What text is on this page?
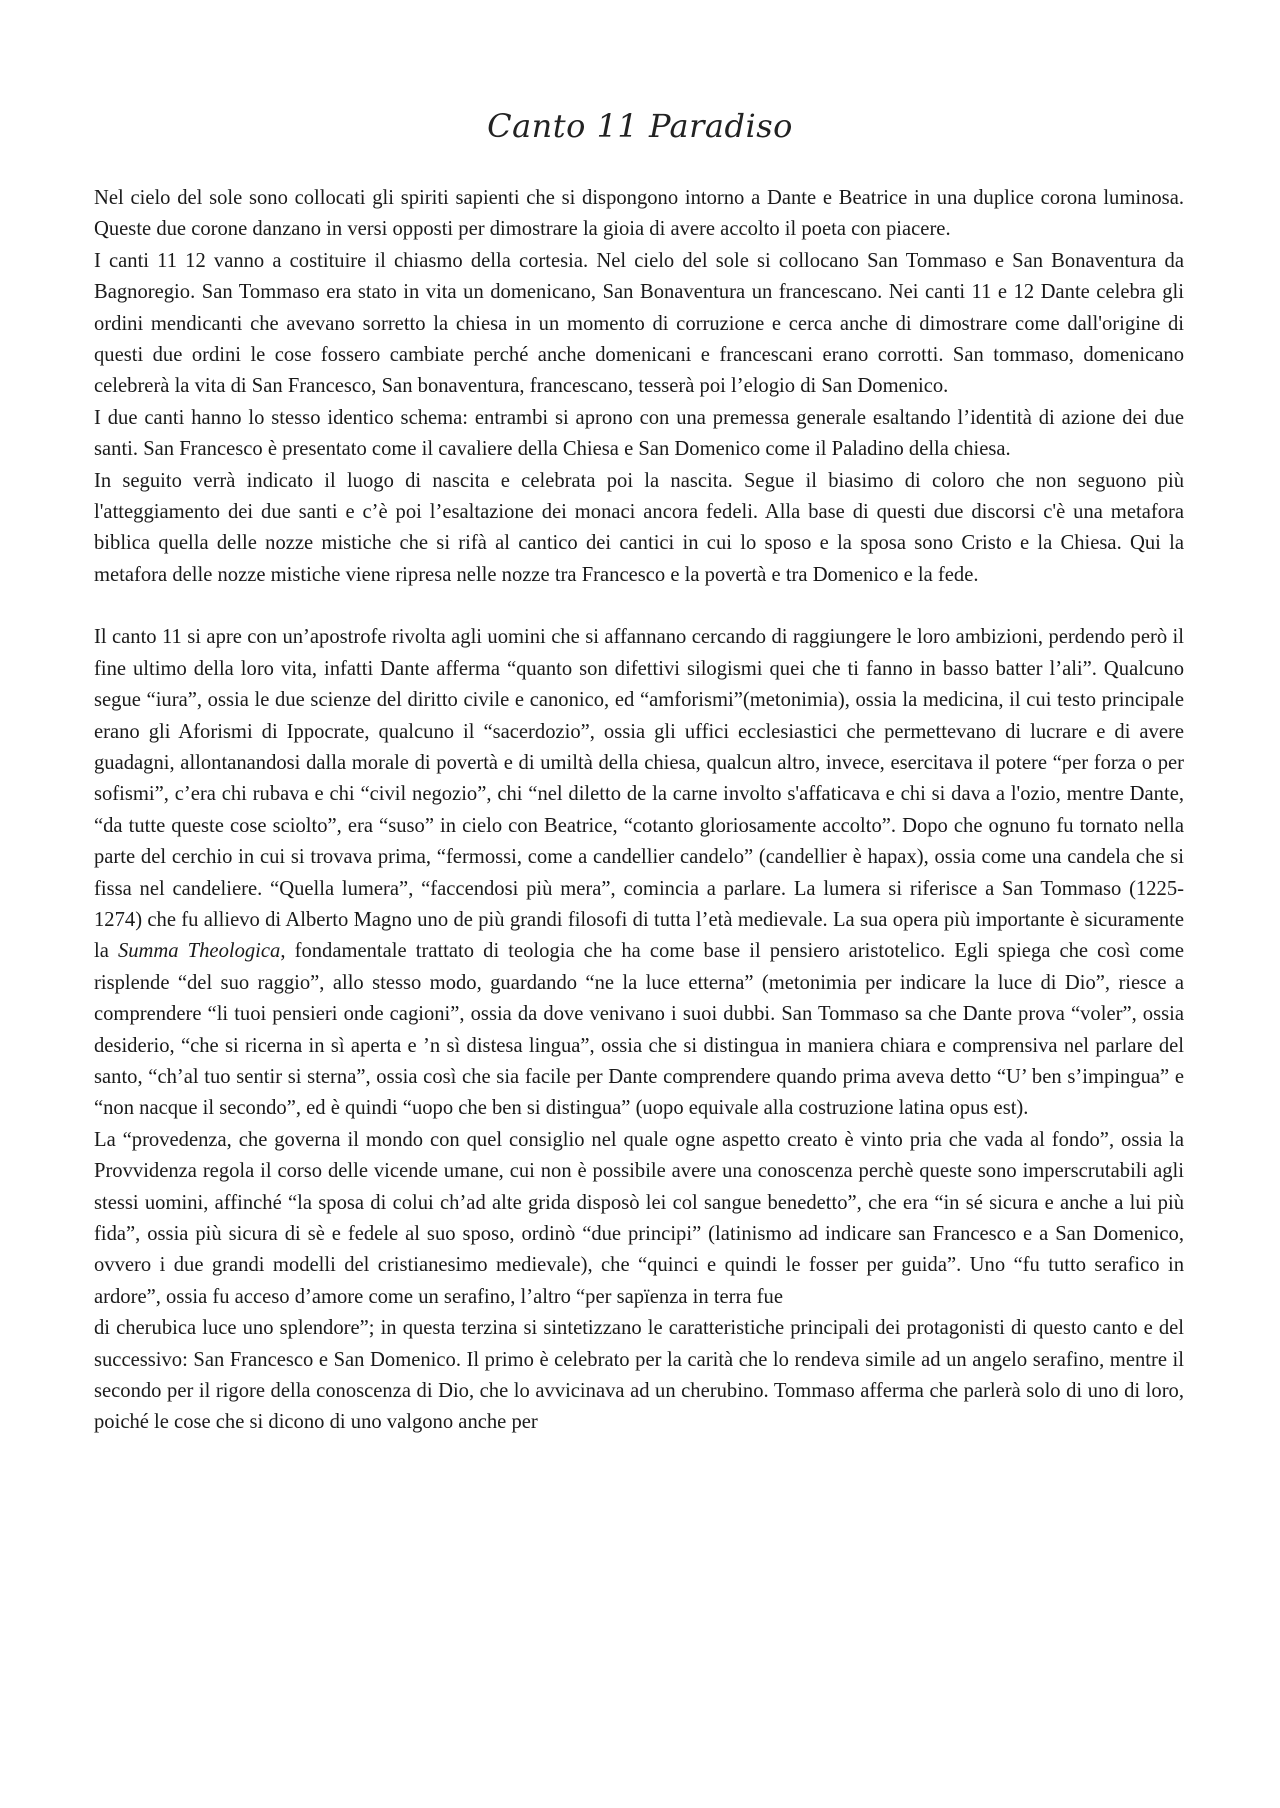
Canto 11 Paradiso

Nel cielo del sole sono collocati gli spiriti sapienti che si dispongono intorno a Dante e Beatrice in una duplice corona luminosa. Queste due corone danzano in versi opposti per dimostrare la gioia di avere accolto il poeta con piacere.

I canti 11 12 vanno a costituire il chiasmo della cortesia. Nel cielo del sole si collocano San Tommaso e San Bonaventura da Bagnoregio. San Tommaso era stato in vita un domenicano, San Bonaventura un francescano. Nei canti 11 e 12 Dante celebra gli ordini mendicanti che avevano sorretto la chiesa in un momento di corruzione e cerca anche di dimostrare come dall'origine di questi due ordini le cose fossero cambiate perché anche domenicani e francescani erano corrotti. San tommaso, domenicano celebrerà la vita di San Francesco, San bonaventura, francescano, tesserà poi l’elogio di San Domenico.

I due canti hanno lo stesso identico schema: entrambi si aprono con una premessa generale esaltando l’identità di azione dei due santi. San Francesco è presentato come il cavaliere della Chiesa e San Domenico come il Paladino della chiesa.

In seguito verrà indicato il luogo di nascita e celebrata poi la nascita. Segue il biasimo di coloro che non seguono più l'atteggiamento dei due santi e c’è poi l’esaltazione dei monaci ancora fedeli. Alla base di questi due discorsi c'è una metafora biblica quella delle nozze mistiche che si rifà al cantico dei cantici in cui lo sposo e la sposa sono Cristo e la Chiesa. Qui la metafora delle nozze mistiche viene ripresa nelle nozze tra Francesco e la povertà e tra Domenico e la fede.

Il canto 11 si apre con un’apostrofe rivolta agli uomini che si affannano cercando di raggiungere le loro ambizioni, perdendo però il fine ultimo della loro vita, infatti Dante afferma “quanto son difettivi silogismi quei che ti fanno in basso batter l’ali”. Qualcuno segue “iura”, ossia le due scienze del diritto civile e canonico, ed “amforismi”(metonimia), ossia la medicina, il cui testo principale erano gli Aforismi di Ippocrate, qualcuno il “sacerdozio”, ossia gli uffici ecclesiastici che permettevano di lucrare e di avere guadagni, allontanandosi dalla morale di povertà e di umiltà della chiesa, qualcun altro, invece, esercitava il potere “per forza o per sofismi”, c’era chi rubava e chi “civil negozio”, chi “nel diletto de la carne involto s'affaticava e chi si dava a l'ozio, mentre Dante, “da tutte queste cose sciolto”, era “suso” in cielo con Beatrice, “cotanto gloriosamente accolto”. Dopo che ognuno fu tornato nella parte del cerchio in cui si trovava prima, “fermossi, come a candellier candelo” (candellier è hapax), ossia come una candela che si fissa nel candeliere. “Quella lumera”, “faccendosi più mera”, comincia a parlare. La lumera si riferisce a San Tommaso (1225-1274) che fu allievo di Alberto Magno uno de più grandi filosofi di tutta l’età medievale. La sua opera più importante è sicuramente la Summa Theologica, fondamentale trattato di teologia che ha come base il pensiero aristotelico. Egli spiega che così come risplende “del suo raggio”, allo stesso modo, guardando “ne la luce etterna” (metonimia per indicare la luce di Dio”, riesce a comprendere “li tuoi pensieri onde cagioni”, ossia da dove venivano i suoi dubbi. San Tommaso sa che Dante prova “voler”, ossia desiderio, “che si ricerna in sì aperta e ’n sì distesa lingua”, ossia che si distingua in maniera chiara e comprensiva nel parlare del santo, “ch’al tuo sentir si sterna”, ossia così che sia facile per Dante comprendere quando prima aveva detto “U’ ben s’impingua” e “non nacque il secondo”, ed è quindi “uopo che ben si distingua” (uopo equivale alla costruzione latina opus est).

La “provedenza, che governa il mondo con quel consiglio nel quale ogne aspetto creato è vinto pria che vada al fondo”, ossia la Provvidenza regola il corso delle vicende umane, cui non è possibile avere una conoscenza perchè queste sono imperscrutabili agli stessi uomini, affinché “la sposa di colui ch’ad alte grida disposò lei col sangue benedetto”, che era “in sé sicura e anche a lui più fida”, ossia più sicura di sè e fedele al suo sposo, ordinò “due principi” (latinismo ad indicare san Francesco e a San Domenico, ovvero i due grandi modelli del cristianesimo medievale), che “quinci e quindi le fosser per guida”. Uno “fu tutto serafico in ardore”, ossia fu acceso d’amore come un serafino, l’altro “per sapïenza in terra fue

di cherubica luce uno splendore”; in questa terzina si sintetizzano le caratteristiche principali dei protagonisti di questo canto e del successivo: San Francesco e San Domenico. Il primo è celebrato per la carità che lo rendeva simile ad un angelo serafino, mentre il secondo per il rigore della conoscenza di Dio, che lo avvicinava ad un cherubino. Tommaso afferma che parlerà solo di uno di loro, poiché le cose che si dicono di uno valgono anche per
